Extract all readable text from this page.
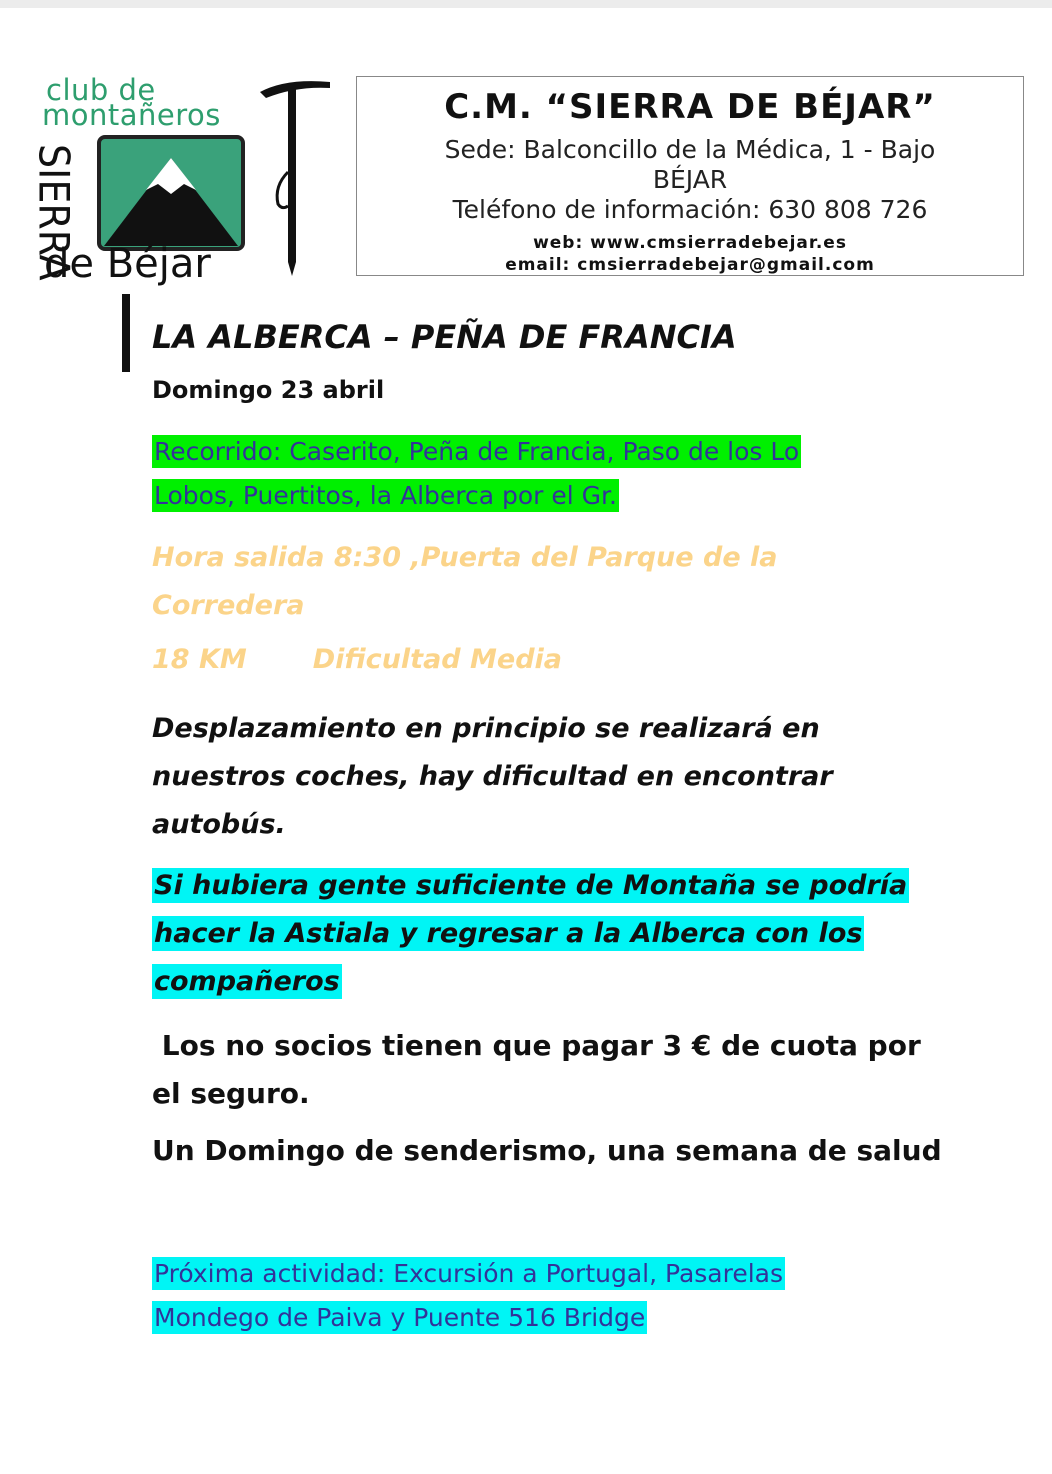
club de
montañeros
SIERRA
de Béjar
C.M. “SIERRA DE BÉJAR”
Sede: Balconcillo de la Médica, 1 - Bajo
BÉJAR
Teléfono de información: 630 808 726
web: www.cmsierradebejar.es
email: cmsierradebejar@gmail.com
LA ALBERCA – PEÑA DE FRANCIA
Domingo 23 abril
Recorrido: Caserito, Peña de Francia, Paso de los Lo Lobos, Puertitos, la Alberca por el Gr.
Hora salida 8:30 ,Puerta del Parque de la Corredera
18 KM Dificultad Media
Desplazamiento en principio se realizará en nuestros coches, hay dificultad en encontrar autobús.
Si hubiera gente suficiente de Montaña se podría hacer la Astiala y regresar a la Alberca con los compañeros
Los no socios tienen que pagar 3 € de cuota por el seguro.
Un Domingo de senderismo, una semana de salud
Próxima actividad: Excursión a Portugal, Pasarelas Mondego de Paiva y Puente 516 Bridge
